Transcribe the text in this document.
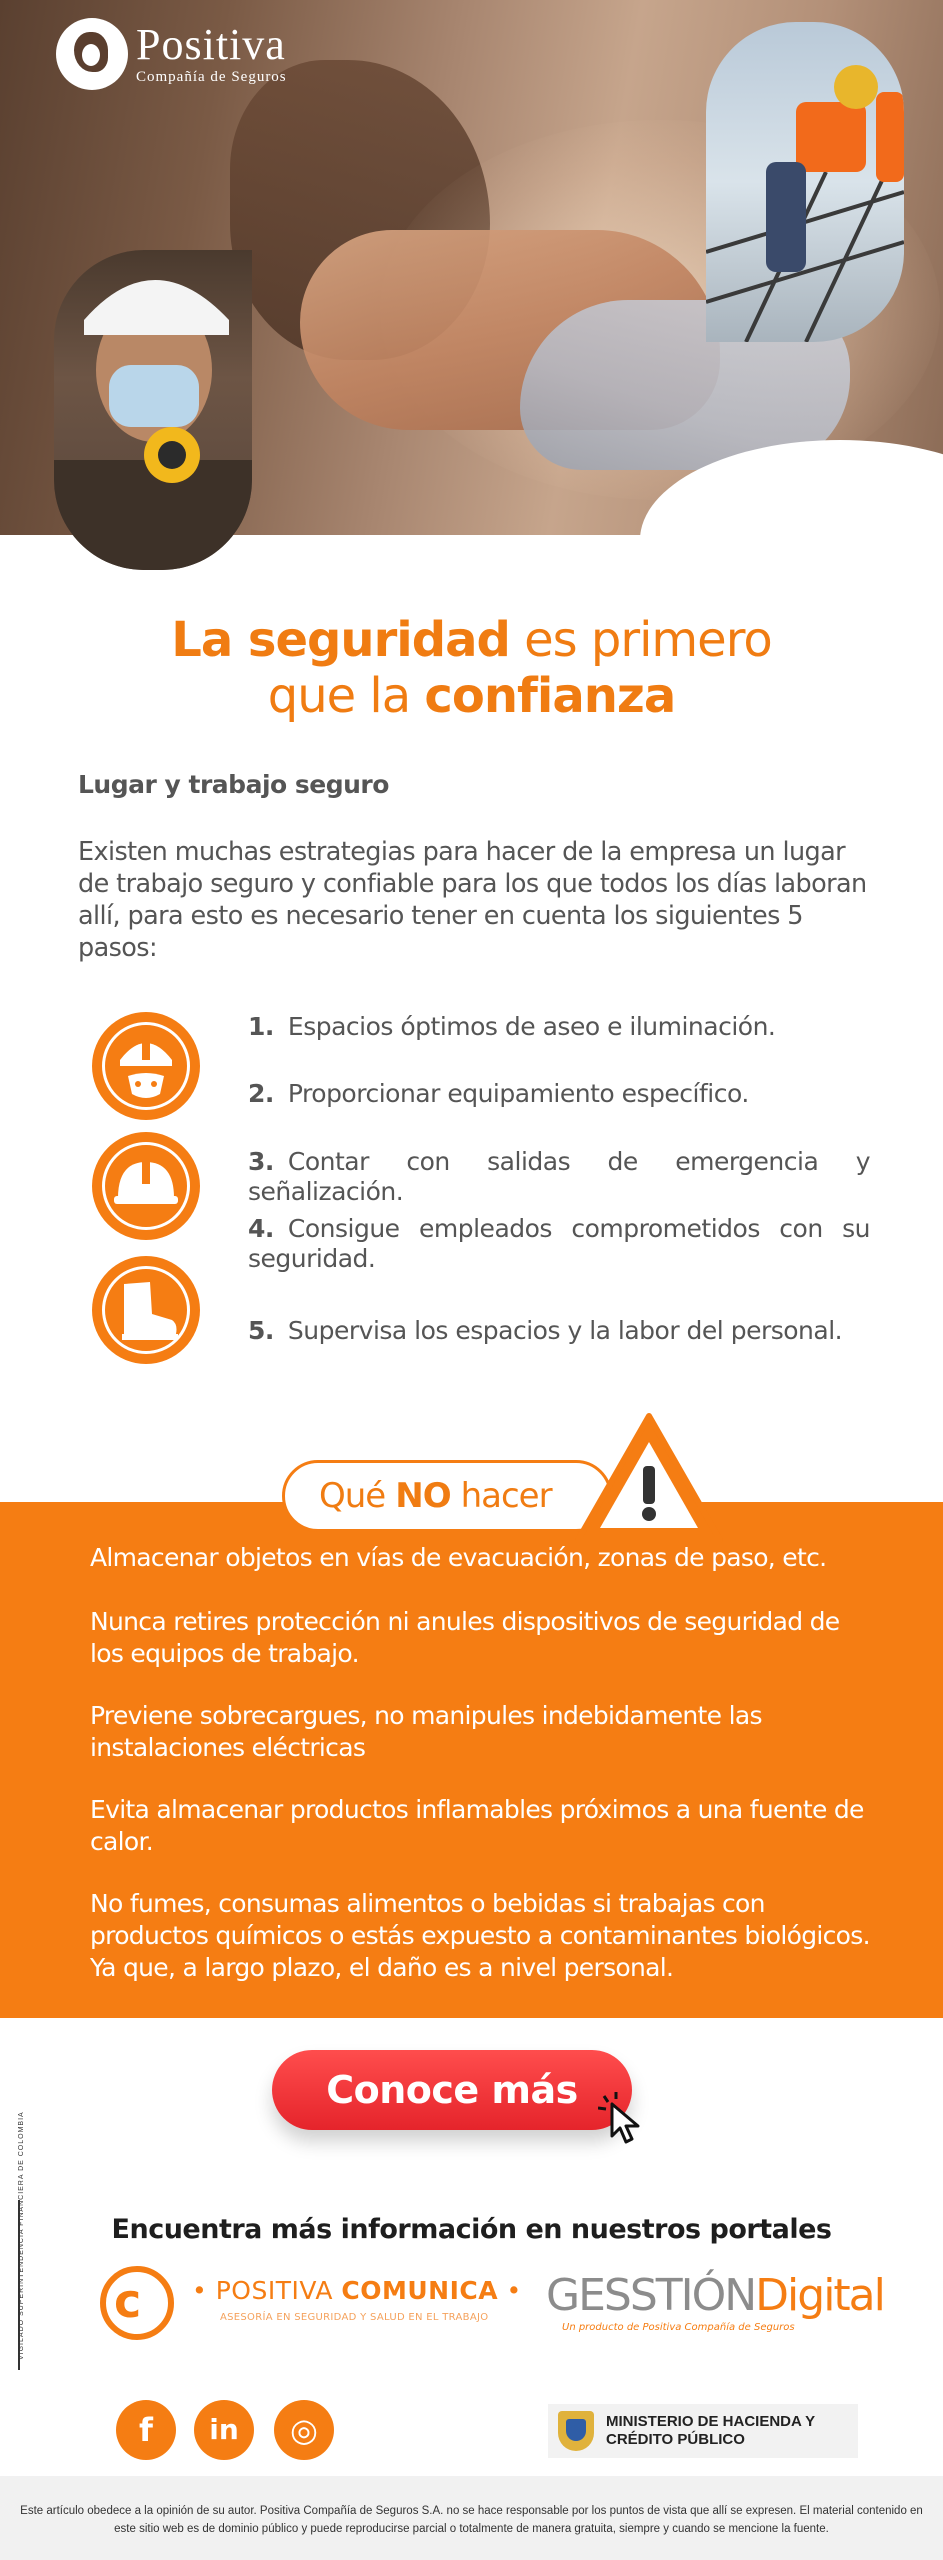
Positiva
Compañía de Seguros
La seguridad es primero
que la confianza
Lugar y trabajo seguro
Existen muchas estrategias para hacer de la empresa un lugar de trabajo seguro y confiable para los que todos los días laboran allí, para esto es necesario tener en cuenta los siguientes 5 pasos:
1. Espacios óptimos de aseo e iluminación.
2. Proporcionar equipamiento específico.
3. Contar con salidas de emergencia y señalización.
4. Consigue empleados comprometidos con su seguridad.
5. Supervisa los espacios y la labor del personal.
Qué NO hacer
Almacenar objetos en vías de evacuación, zonas de paso, etc.
Nunca retires protección ni anules dispositivos de seguridad de los equipos de trabajo.
Previene sobrecargues, no manipules indebidamente las instalaciones eléctricas
Evita almacenar productos inflamables próximos a una fuente de calor.
No fumes, consumas alimentos o bebidas si trabajas con productos químicos o estás expuesto a contaminantes biológicos. Ya que, a largo plazo, el daño es a nivel personal.
Conoce más
VIGILADO SUPERINTENDENCIA FINANCIERA DE COLOMBIA	Encuentra más información en nuestros portales
c • POSITIVA COMUNICA •
ASESORÍA EN SEGURIDAD Y SALUD EN EL TRABAJO GESSTIÓNDigital
Un producto de Positiva Compañía de Seguros
f	in	◎	MINISTERIO DE HACIENDA Y
CRÉDITO PÚBLICO
Este artículo obedece a la opinión de su autor. Positiva Compañía de Seguros S.A. no se hace responsable por los puntos de vista que allí se expresen. El material contenido en este sitio web es de dominio público y puede reproducirse parcial o totalmente de manera gratuita, siempre y cuando se mencione la fuente.
